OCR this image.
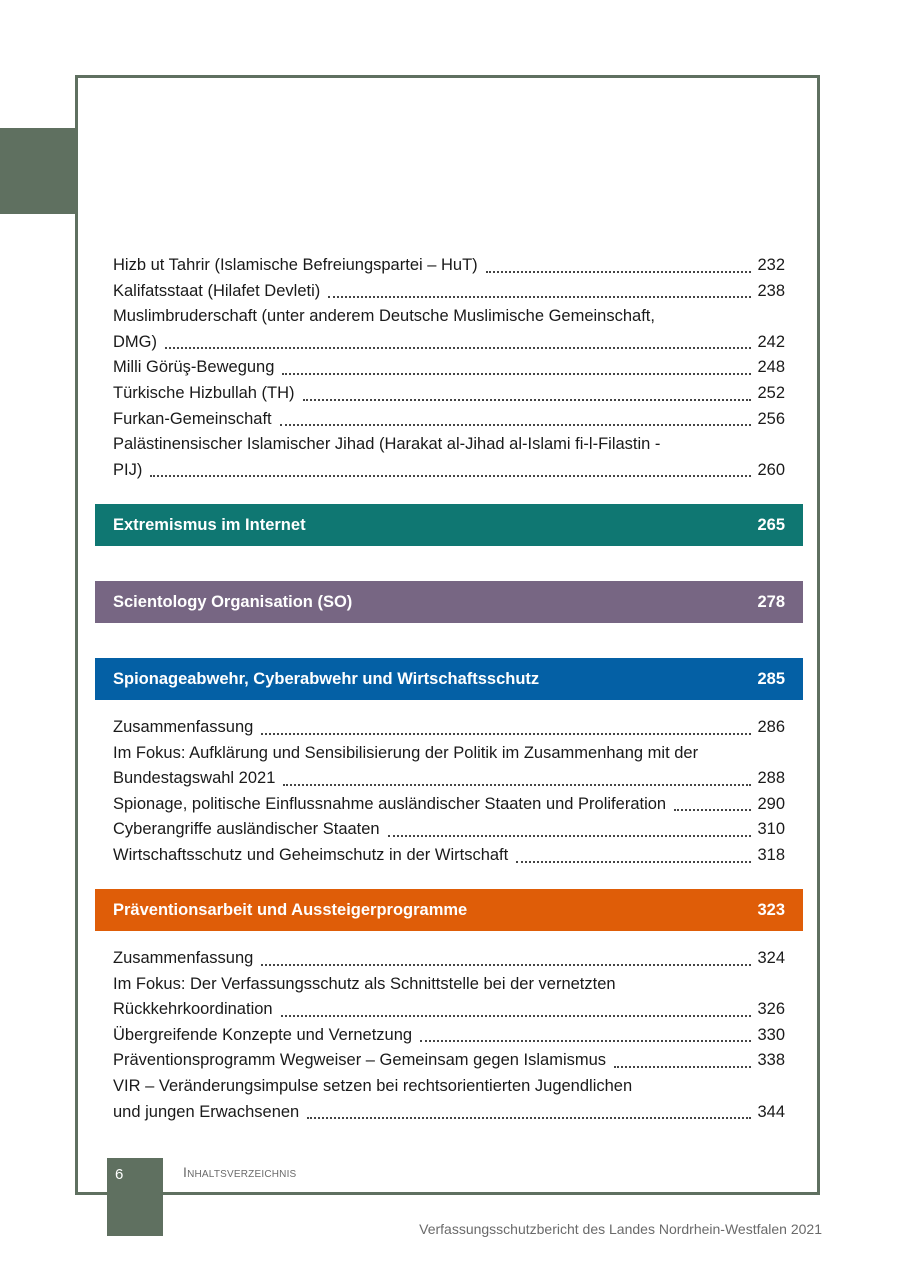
Hizb ut Tahrir (Islamische Befreiungspartei – HuT)	232
Kalifatsstaat (Hilafet Devleti)	238
Muslimbruderschaft (unter anderem Deutsche Muslimische Gemeinschaft,
DMG)	242
Milli Görüş-Bewegung	248
Türkische Hizbullah (TH)	252
Furkan-Gemeinschaft	256
Palästinensischer Islamischer Jihad (Harakat al-Jihad al-Islami fi-l-Filastin -
PIJ)	260
Extremismus im Internet	265
Scientology Organisation (SO)	278
Spionageabwehr, Cyberabwehr und Wirtschaftsschutz	285
Zusammenfassung	286
Im Fokus: Aufklärung und Sensibilisierung der Politik im Zusammenhang mit der
Bundestagswahl 2021	288
Spionage, politische Einflussnahme ausländischer Staaten und Proliferation	290
Cyberangriffe ausländischer Staaten	310
Wirtschaftsschutz und Geheimschutz in der Wirtschaft	318
Präventionsarbeit und Aussteigerprogramme	323
Zusammenfassung	324
Im Fokus: Der Verfassungsschutz als Schnittstelle bei der vernetzten
Rückkehrkoordination	326
Übergreifende Konzepte und Vernetzung	330
Präventionsprogramm Wegweiser – Gemeinsam gegen Islamismus	338
VIR – Veränderungsimpulse setzen bei rechtsorientierten Jugendlichen
und jungen Erwachsenen	344
6	Inhaltsverzeichnis
Verfassungsschutzbericht des Landes Nordrhein-Westfalen 2021
